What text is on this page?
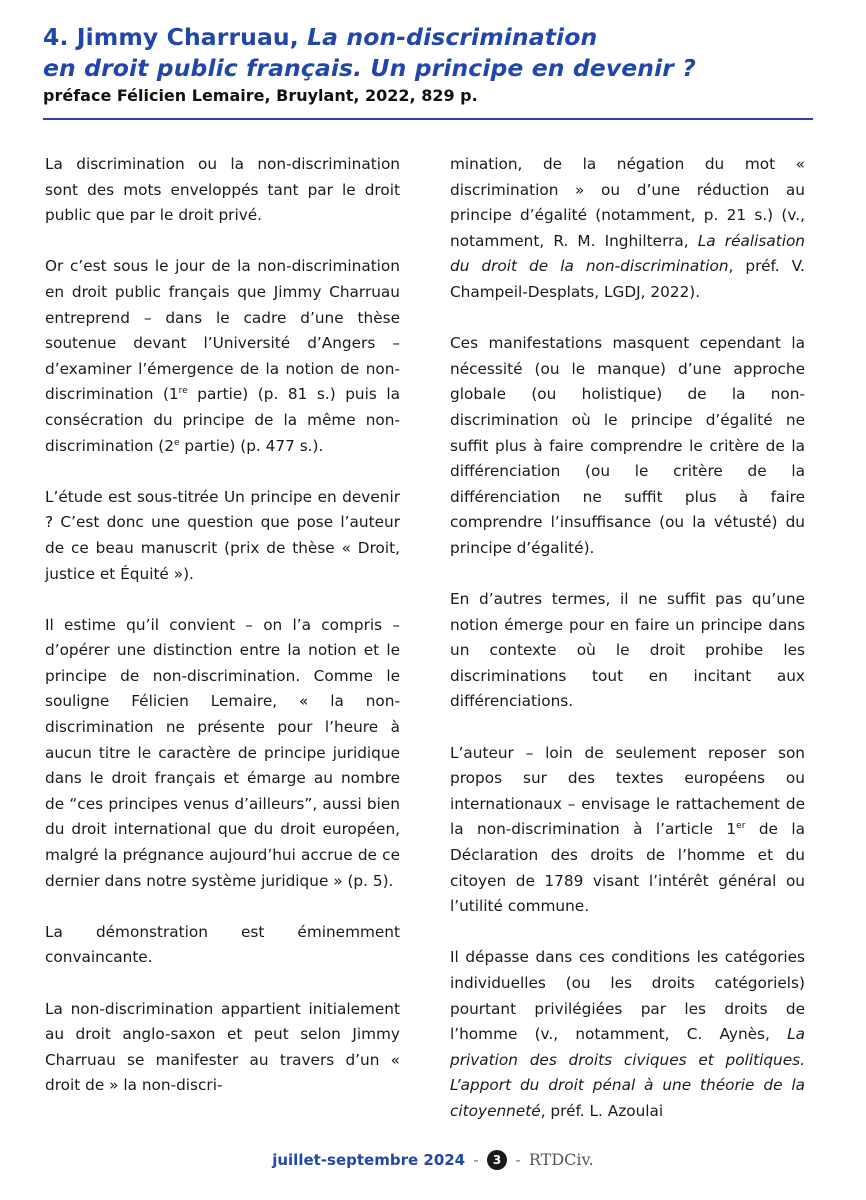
4. Jimmy Charruau, La non-discrimination
en droit public français. Un principe en devenir ?
préface Félicien Lemaire, Bruylant, 2022, 829 p.

La discrimination ou la non-discrimination sont des mots enveloppés tant par le droit public que par le droit privé.

Or c’est sous le jour de la non-discrimination en droit public français que Jimmy Charruau entreprend – dans le cadre d’une thèse soutenue devant l’Université d’Angers – d’examiner l’émergence de la notion de non-discrimination (1re partie) (p. 81 s.) puis la consécration du principe de la même non-discrimination (2e partie) (p. 477 s.).

L’étude est sous-titrée Un principe en devenir ? C’est donc une question que pose l’auteur de ce beau manuscrit (prix de thèse « Droit, justice et Équité »).

Il estime qu’il convient – on l’a compris – d’opérer une distinction entre la notion et le principe de non-discrimination. Comme le souligne Félicien Lemaire, « la non-discrimination ne présente pour l’heure à aucun titre le caractère de principe juridique dans le droit français et émarge au nombre de “ces principes venus d’ailleurs”, aussi bien du droit international que du droit européen, malgré la prégnance aujourd’hui accrue de ce dernier dans notre système juridique » (p. 5).

La démonstration est éminemment convaincante.

La non-discrimination appartient initialement au droit anglo-saxon et peut selon Jimmy Charruau se manifester au travers d’un « droit de » la non-discri-

mination, de la négation du mot « discrimination » ou d’une réduction au principe d’égalité (notamment, p. 21 s.) (v., notamment, R. M. Inghilterra, La réalisation du droit de la non-discrimination, préf. V. Champeil-Desplats, LGDJ, 2022).

Ces manifestations masquent cependant la nécessité (ou le manque) d’une approche globale (ou holistique) de la non-discrimination où le principe d’égalité ne suffit plus à faire comprendre le critère de la différenciation (ou le critère de la différenciation ne suffit plus à faire comprendre l’insuffisance (ou la vétusté) du principe d’égalité).

En d’autres termes, il ne suffit pas qu’une notion émerge pour en faire un principe dans un contexte où le droit prohibe les discriminations tout en incitant aux différenciations.

L’auteur – loin de seulement reposer son propos sur des textes européens ou internationaux – envisage le rattachement de la non-discrimination à l’article 1er de la Déclaration des droits de l’homme et du citoyen de 1789 visant l’intérêt général ou l’utilité commune.

Il dépasse dans ces conditions les catégories individuelles (ou les droits catégoriels) pourtant privilégiées par les droits de l’homme (v., notamment, C. Aynès, La privation des droits civiques et politiques. L’apport du droit pénal à une théorie de la citoyenneté, préf. L. Azoulai

juillet-septembre 2024 - 3 - RTDCiv.
